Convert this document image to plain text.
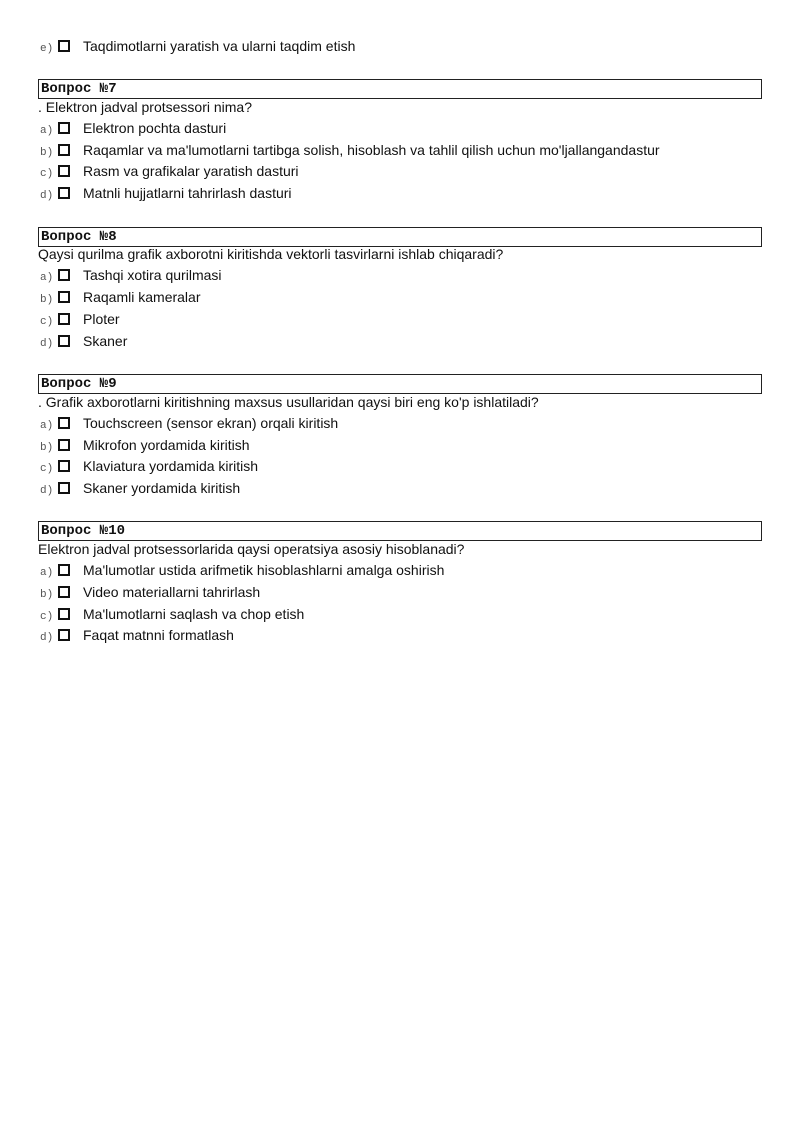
e)	Taqdimotlarni yaratish va ularni taqdim etish
Вопрос №7
. Elektron jadval protsessori nima?
a)	Elektron pochta dasturi
b)	Raqamlar va ma'lumotlarni tartibga solish, hisoblash va tahlil qilish uchun mo'ljallangandastur
c)	Rasm va grafikalar yaratish dasturi
d)	Matnli hujjatlarni tahrirlash dasturi
Вопрос №8
Qaysi qurilma grafik axborotni kiritishda vektorli tasvirlarni ishlab chiqaradi?
a)	Tashqi xotira qurilmasi
b)	Raqamli kameralar
c)	Ploter
d)	Skaner
Вопрос №9
. Grafik axborotlarni kiritishning maxsus usullaridan qaysi biri eng ko'p ishlatiladi?
a)	Touchscreen (sensor ekran) orqali kiritish
b)	Mikrofon yordamida kiritish
c)	Klaviatura yordamida kiritish
d)	Skaner yordamida kiritish
Вопрос №10
Elektron jadval protsessorlarida qaysi operatsiya asosiy hisoblanadi?
a)	Ma'lumotlar ustida arifmetik hisoblashlarni amalga oshirish
b)	Video materiallarni tahrirlash
c)	Ma'lumotlarni saqlash va chop etish
d)	Faqat matnni formatlash
